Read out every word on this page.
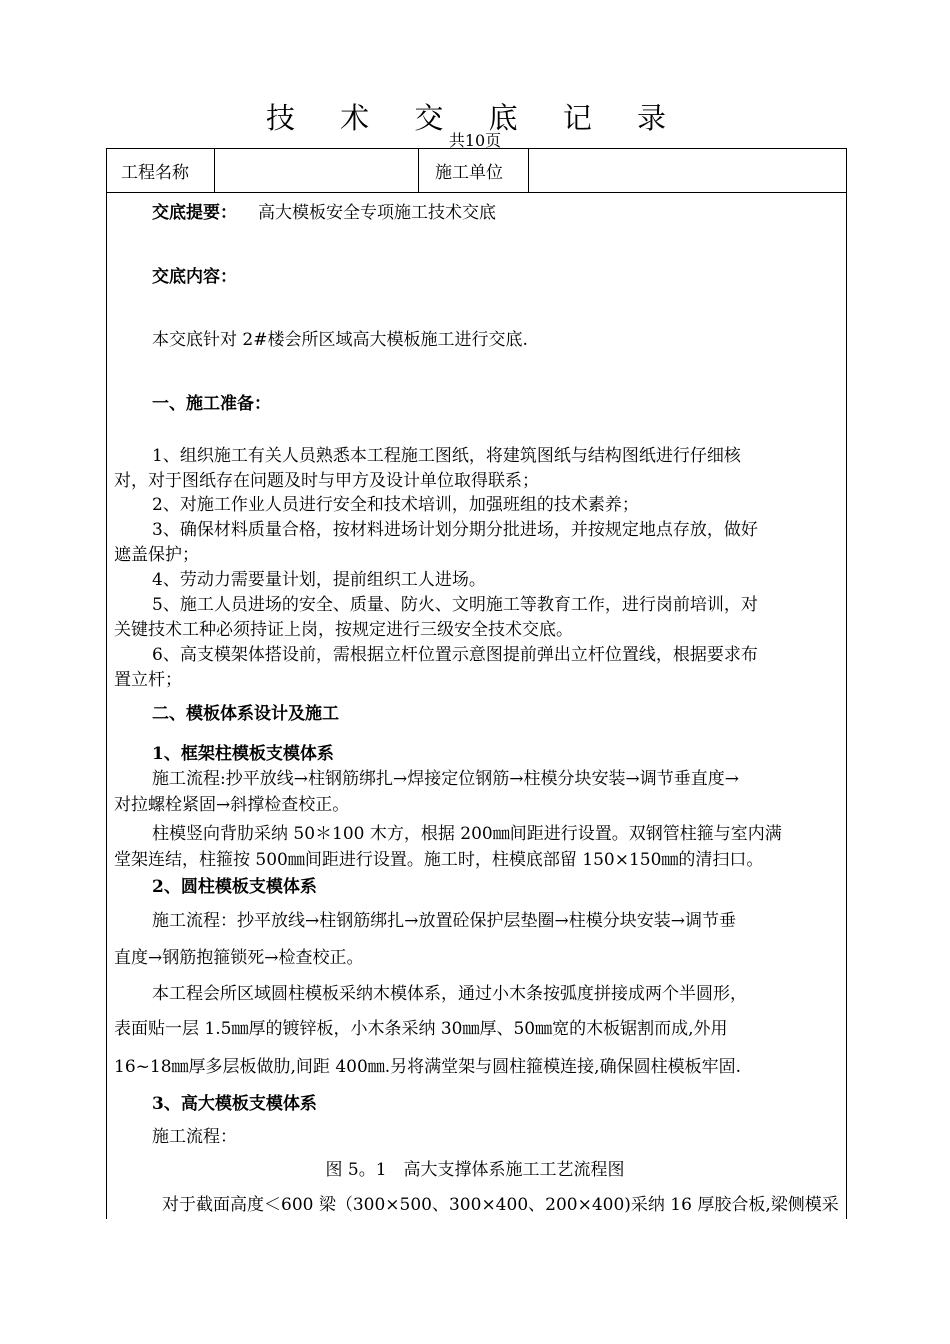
技 术 交 底 记 录
共10页
工程名称	施工单位
交底提要： 高大模板安全专项施工技术交底
交底内容：
本交底针对 2#楼会所区域高大模板施工进行交底.
一、施工准备：
1、组织施工有关人员熟悉本工程施工图纸，将建筑图纸与结构图纸进行仔细核
对，对于图纸存在问题及时与甲方及设计单位取得联系；
2、对施工作业人员进行安全和技术培训，加强班组的技术素养；
3、确保材料质量合格，按材料进场计划分期分批进场，并按规定地点存放，做好
遮盖保护；
4、劳动力需要量计划，提前组织工人进场。
5、施工人员进场的安全、质量、防火、文明施工等教育工作，进行岗前培训，对
关键技术工种必须持证上岗，按规定进行三级安全技术交底。
6、高支模架体搭设前，需根据立杆位置示意图提前弹出立杆位置线，根据要求布
置立杆；
二、模板体系设计及施工
1、框架柱模板支模体系
施工流程:抄平放线→柱钢筋绑扎→焊接定位钢筋→柱模分块安装→调节垂直度→
对拉螺栓紧固→斜撑检查校正。
柱模竖向背肋采纳 50＊100 木方，根据 200㎜间距进行设置。双钢管柱箍与室内满
堂架连结，柱箍按 500㎜间距进行设置。施工时，柱模底部留 150×150㎜的清扫口。
2、圆柱模板支模体系
施工流程：抄平放线→柱钢筋绑扎→放置砼保护层垫圈→柱模分块安装→调节垂
直度→钢筋抱箍锁死→检查校正。
本工程会所区域圆柱模板采纳木模体系，通过小木条按弧度拼接成两个半圆形，
表面贴一层 1.5㎜厚的镀锌板，小木条采纳 30㎜厚、50㎜宽的木板锯割而成,外用
16~18㎜厚多层板做肋,间距 400㎜.另将满堂架与圆柱箍模连接,确保圆柱模板牢固.
3、高大模板支模体系
施工流程：
图 5。1　高大支撑体系施工工艺流程图
对于截面高度＜600 梁（300×500、300×400、200×400)采纳 16 厚胶合板,梁侧模采
